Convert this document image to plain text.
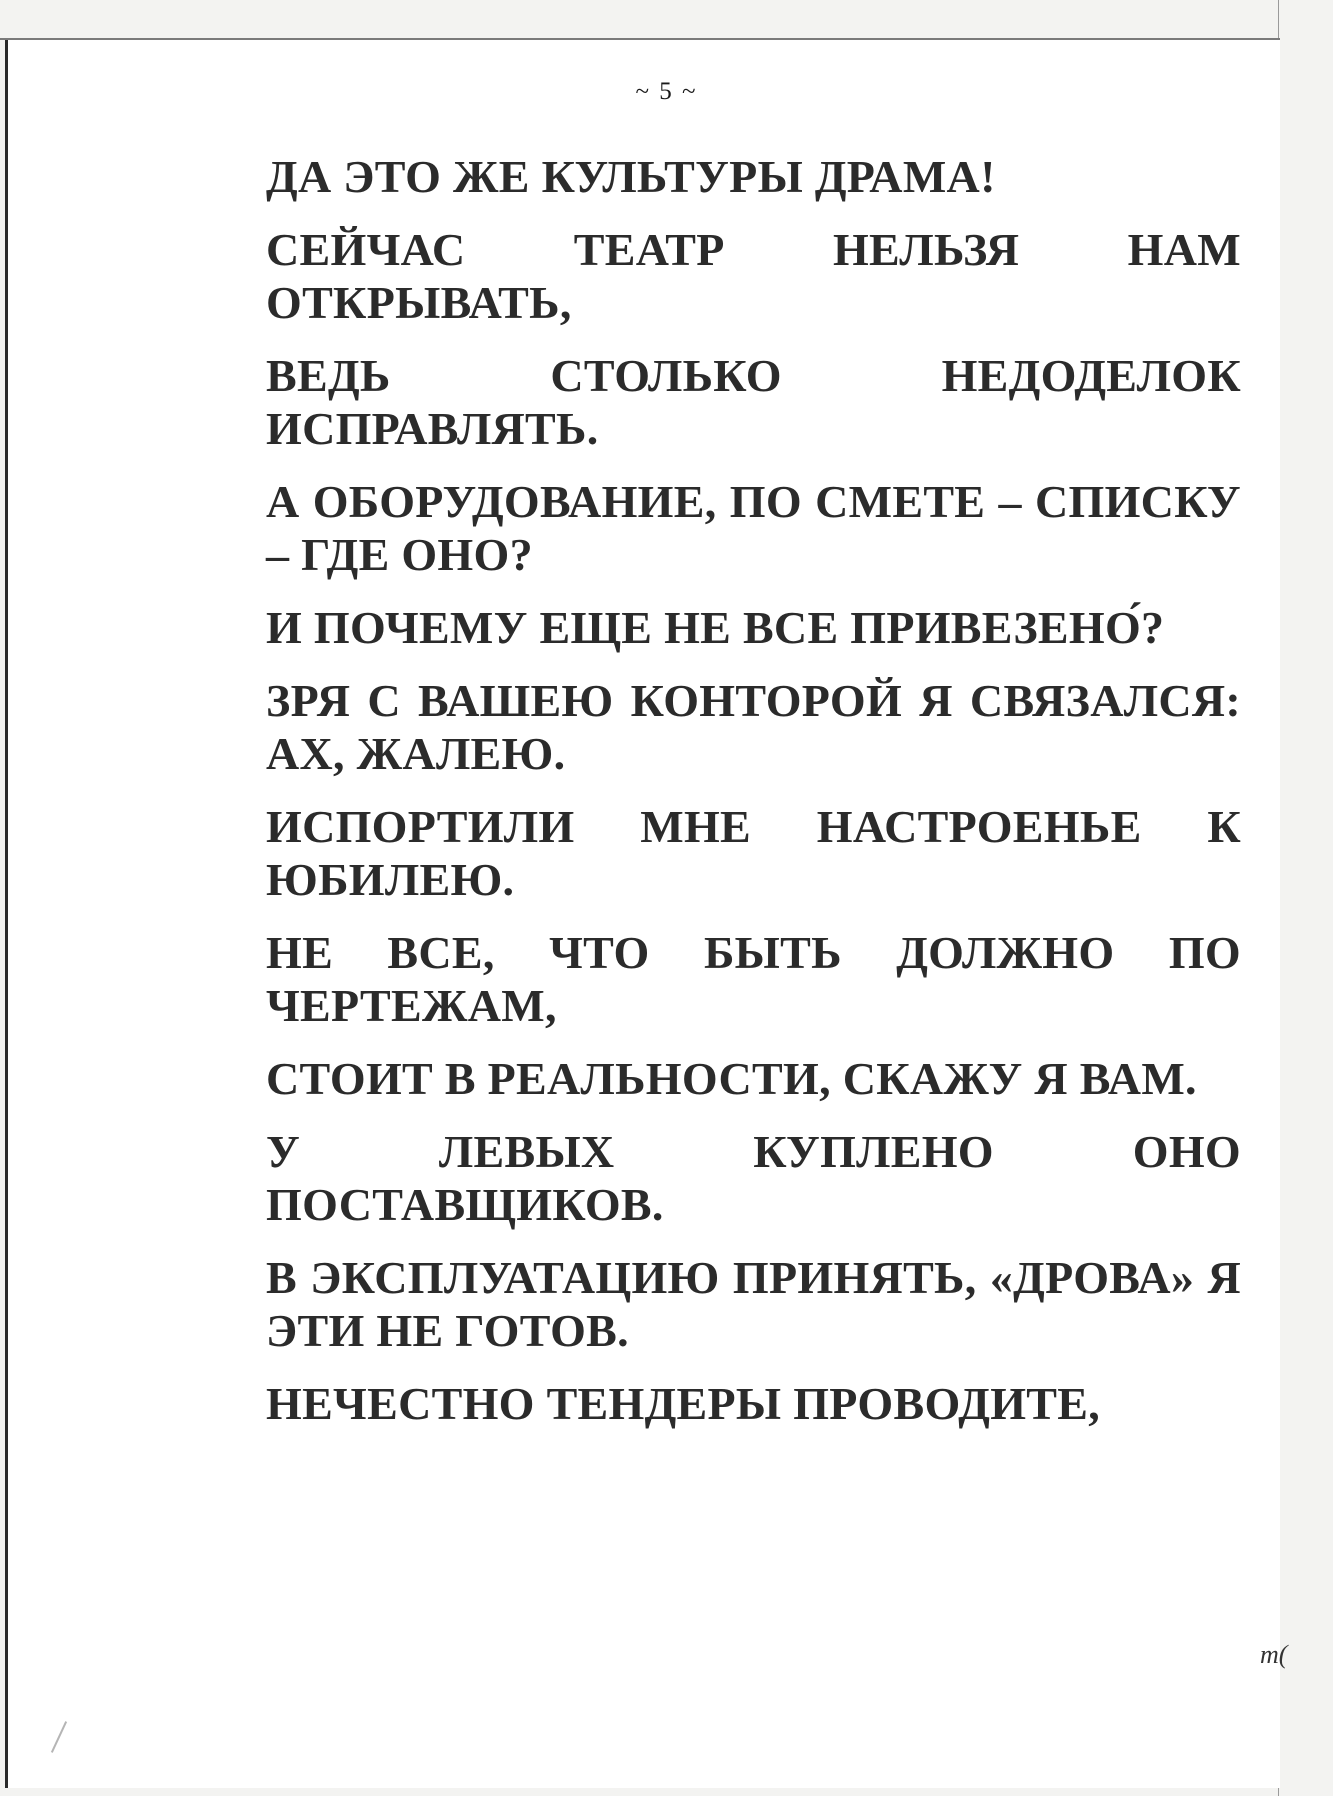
~ 5 ~

ДА ЭТО ЖЕ КУЛЬТУРЫ ДРАМА!

СЕЙЧАС ТЕАТР НЕЛЬЗЯ НАМ ОТКРЫВАТЬ,

ВЕДЬ СТОЛЬКО НЕДОДЕЛОК ИСПРАВЛЯТЬ.

А ОБОРУДОВАНИЕ, ПО СМЕТЕ – СПИСКУ – ГДЕ ОНО?

И ПОЧЕМУ ЕЩЕ НЕ ВСЕ ПРИВЕЗЕНО́?

ЗРЯ С ВАШЕЮ КОНТОРОЙ Я СВЯЗАЛСЯ: АХ, ЖАЛЕЮ.

ИСПОРТИЛИ МНЕ НАСТРОЕНЬЕ К ЮБИЛЕЮ.

НЕ ВСЕ, ЧТО БЫТЬ ДОЛЖНО ПО ЧЕРТЕЖАМ,

СТОИТ В РЕАЛЬНОСТИ, СКАЖУ Я ВАМ.

У ЛЕВЫХ КУПЛЕНО ОНО ПОСТАВЩИКОВ.

В ЭКСПЛУАТАЦИЮ ПРИНЯТЬ, «ДРОВА» Я ЭТИ НЕ ГОТОВ.

НЕЧЕСТНО ТЕНДЕРЫ ПРОВОДИТЕ,

т(
